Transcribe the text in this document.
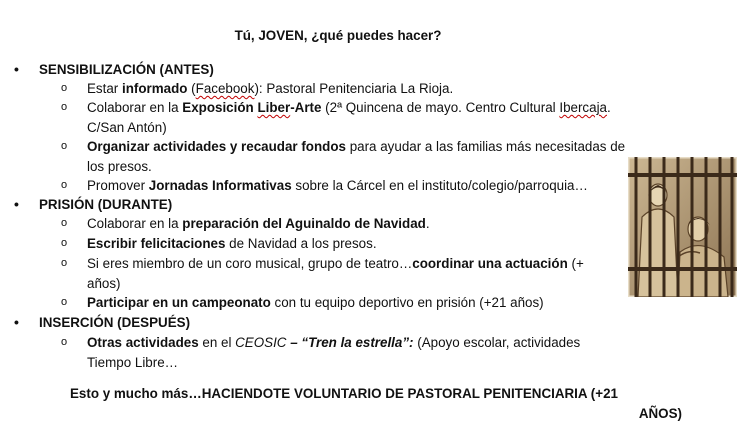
Tú, JOVEN, ¿qué puedes hacer?
• SENSIBILIZACIÓN (ANTES)
o	Estar informado (Facebook): Pastoral Penitenciaria La Rioja.
o	Colaborar en la Exposición Liber-Arte (2ª Quincena de mayo. Centro Cultural Ibercaja.
C/San Antón)
o	Organizar actividades y recaudar fondos para ayudar a las familias más necesitadas de
los presos.
o	Promover Jornadas Informativas sobre la Cárcel en el instituto/colegio/parroquia…
• PRISIÓN (DURANTE)
o	Colaborar en la preparación del Aguinaldo de Navidad.
o	Escribir felicitaciones de Navidad a los presos.
o	Si eres miembro de un coro musical, grupo de teatro…coordinar una actuación (+
años)
o	Participar en un campeonato con tu equipo deportivo en prisión (+21 años)
• INSERCIÓN (DESPUÉS)
o	Otras actividades en el CEOSIC – “Tren la estrella”: (Apoyo escolar, actividades
Tiempo Libre…
Esto y mucho más…HACIENDOTE VOLUNTARIO DE PASTORAL PENITENCIARIA (+21
AÑOS)
